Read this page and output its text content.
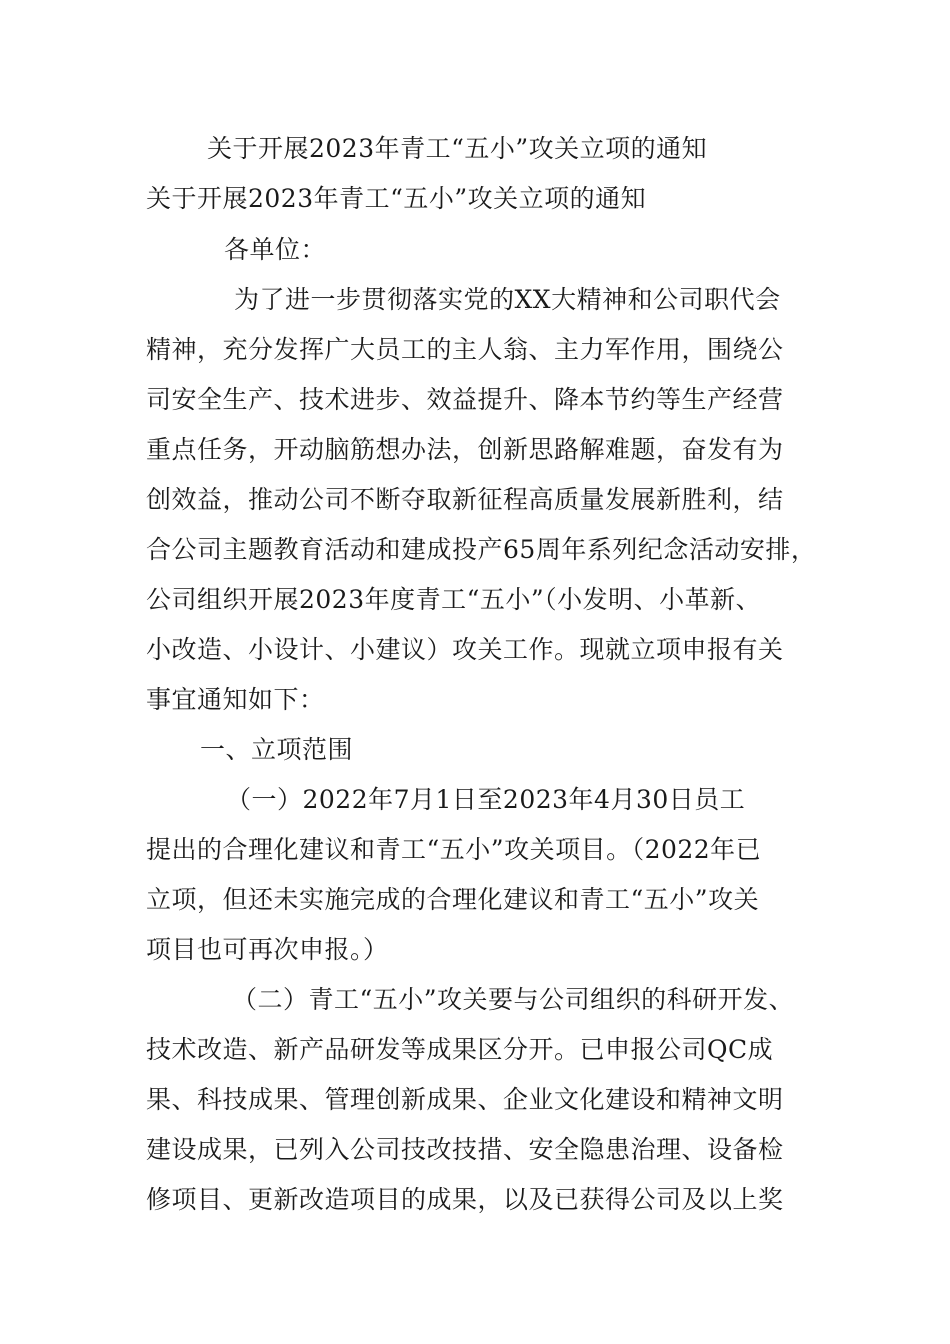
关于开展2023年青工“五小”攻关立项的通知
关于开展2023年青工“五小”攻关立项的通知
各单位：
为了进一步贯彻落实党的XX大精神和公司职代会
精神，充分发挥广大员工的主人翁、主力军作用，围绕公
司安全生产、技术进步、效益提升、降本节约等生产经营
重点任务，开动脑筋想办法，创新思路解难题，奋发有为
创效益，推动公司不断夺取新征程高质量发展新胜利，结
合公司主题教育活动和建成投产65周年系列纪念活动安排，
公司组织开展2023年度青工“五小”（小发明、小革新、
小改造、小设计、小建议）攻关工作。现就立项申报有关
事宜通知如下：
一、立项范围
（一）2022年7月1日至2023年4月30日员工
提出的合理化建议和青工“五小”攻关项目。（2022年已
立项，但还未实施完成的合理化建议和青工“五小”攻关
项目也可再次申报。）
（二）青工“五小”攻关要与公司组织的科研开发、
技术改造、新产品研发等成果区分开。已申报公司QC成
果、科技成果、管理创新成果、企业文化建设和精神文明
建设成果，已列入公司技改技措、安全隐患治理、设备检
修项目、更新改造项目的成果，以及已获得公司及以上奖
